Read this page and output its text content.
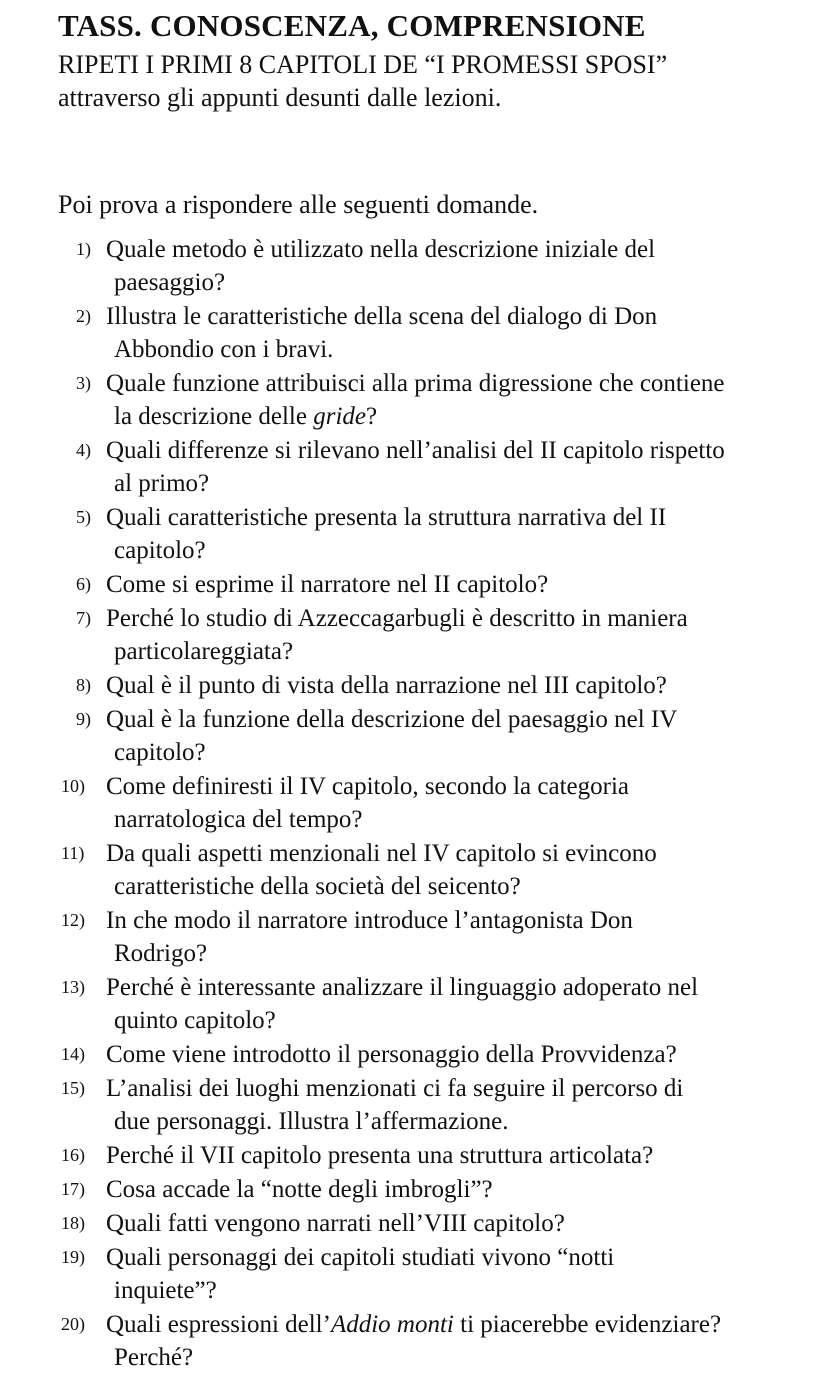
TASS. CONOSCENZA, COMPRENSIONE

RIPETI I PRIMI 8 CAPITOLI DE “I PROMESSI SPOSI”

attraverso gli appunti desunti dalle lezioni.

Poi prova a rispondere alle seguenti domande.

1) Quale metodo è utilizzato nella descrizione iniziale del
paesaggio?
2) Illustra le caratteristiche della scena del dialogo di Don
Abbondio con i bravi.
3) Quale funzione attribuisci alla prima digressione che contiene
la descrizione delle gride?
4) Quali differenze si rilevano nell’analisi del II capitolo rispetto
al primo?
5) Quali caratteristiche presenta la struttura narrativa del II
capitolo?
6) Come si esprime il narratore nel II capitolo?
7) Perché lo studio di Azzeccagarbugli è descritto in maniera
particolareggiata?
8) Qual è il punto di vista della narrazione nel III capitolo?
9) Qual è la funzione della descrizione del paesaggio nel IV
capitolo?
10) Come definiresti il IV capitolo, secondo la categoria
narratologica del tempo?
11) Da quali aspetti menzionali nel IV capitolo si evincono
caratteristiche della società del seicento?
12) In che modo il narratore introduce l’antagonista Don
Rodrigo?
13) Perché è interessante analizzare il linguaggio adoperato nel
quinto capitolo?
14) Come viene introdotto il personaggio della Provvidenza?
15) L’analisi dei luoghi menzionati ci fa seguire il percorso di
due personaggi. Illustra l’affermazione.
16) Perché il VII capitolo presenta una struttura articolata?
17) Cosa accade la “notte degli imbrogli”?
18) Quali fatti vengono narrati nell’VIII capitolo?
19) Quali personaggi dei capitoli studiati vivono “notti
inquiete”?
20) Quali espressioni dell’Addio monti ti piacerebbe evidenziare?
Perché?
